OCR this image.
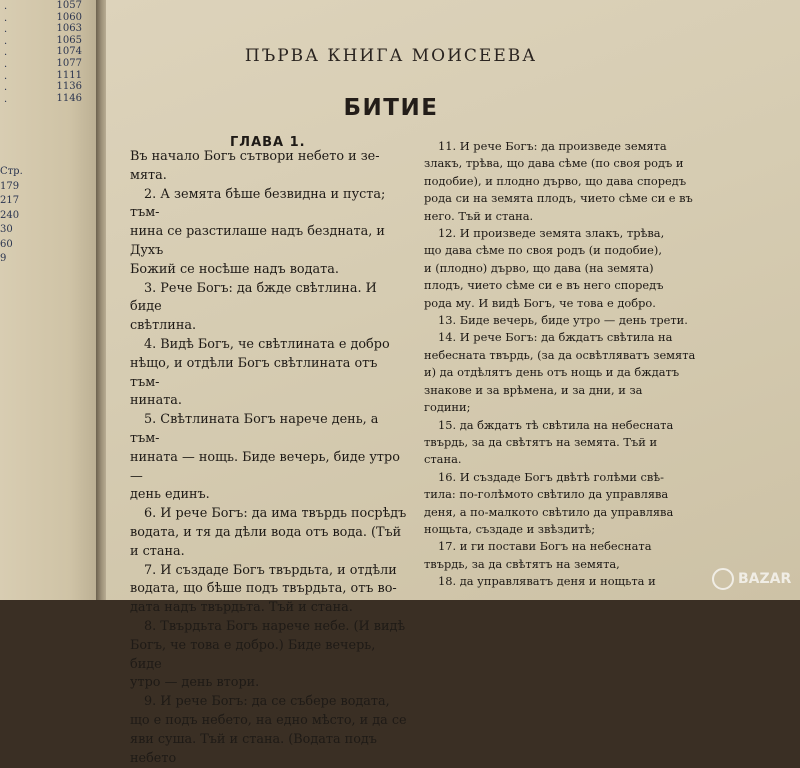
·
·
·
·
·
·
·
·
·
1057
1060
1063
1065
1074
1077
1111
1136
1146
Стр.
179
217
240
30
60
9
ПЪРВА КНИГА МОИСЕЕВА
БИТИЕ
ГЛАВА 1.

Въ начало Богъ сътвори небето и зе-

мята.

2. А земята бѣше безвидна и пуста; тъм-

нина се разстилаше надъ бездната, и Духъ

Божий се носѣше надъ водата.

3. Рече Богъ: да бжде свѣтлина. И биде

свѣтлина.

4. Видѣ Богъ, че свѣтлината е добро

нѣщо, и отдѣли Богъ свѣтлината отъ тъм-

нината.

5. Свѣтлината Богъ нарече день, а тъм-

нината — нощь. Биде вечерь, биде утро —

день единъ.

6. И рече Богъ: да има твърдь посрѣдъ

водата, и тя да дѣли вода отъ вода. (Тъй

и стана.

7. И създаде Богъ твърдьта, и отдѣли

водата, що бѣше подъ твърдьта, отъ во-

дата надъ твърдьта. Тъй и стана.

8. Твърдьта Богъ нарече небе. (И видѣ

Богъ, че това е добро.) Биде вечерь, биде

утро — день втори.

9. И рече Богъ: да се събере водата,

що е подъ небето, на едно мѣсто, и да се

яви суша. Тъй и стана. (Водата подъ небето

11. И рече Богъ: да произведе земята

злакъ, трѣва, що дава сѣме (по своя родъ и

подобие), и плодно дърво, що дава споредъ

рода си на земята плодъ, чието сѣме си е въ

него. Тъй и стана.

12. И произведе земята злакъ, трѣва,

що дава сѣме по своя родъ (и подобие),

и (плодно) дърво, що дава (на земята)

плодъ, чието сѣме си е въ него споредъ

рода му. И видѣ Богъ, че това е добро.

13. Биде вечерь, биде утро — день трети.

14. И рече Богъ: да бждатъ свѣтила на

небесната твърдь, (за да освѣтляватъ земята

и) да отдѣлятъ день отъ нощь и да бждатъ

знакове и за врѣмена, и за дни, и за

години;

15. да бждатъ тѣ свѣтила на небесната

твърдь, за да свѣтятъ на земята. Тъй и

стана.

16. И създаде Богъ двѣтѣ голѣми свѣ-

тила: по-голѣмото свѣтило да управлява

деня, а по-малкото свѣтило да управлява

нощьта, създаде и звѣздитѣ;

17. и ги постави Богъ на небесната

твърдь, за да свѣтятъ на земята,

18. да управляватъ деня и нощьта и	BAZAR
